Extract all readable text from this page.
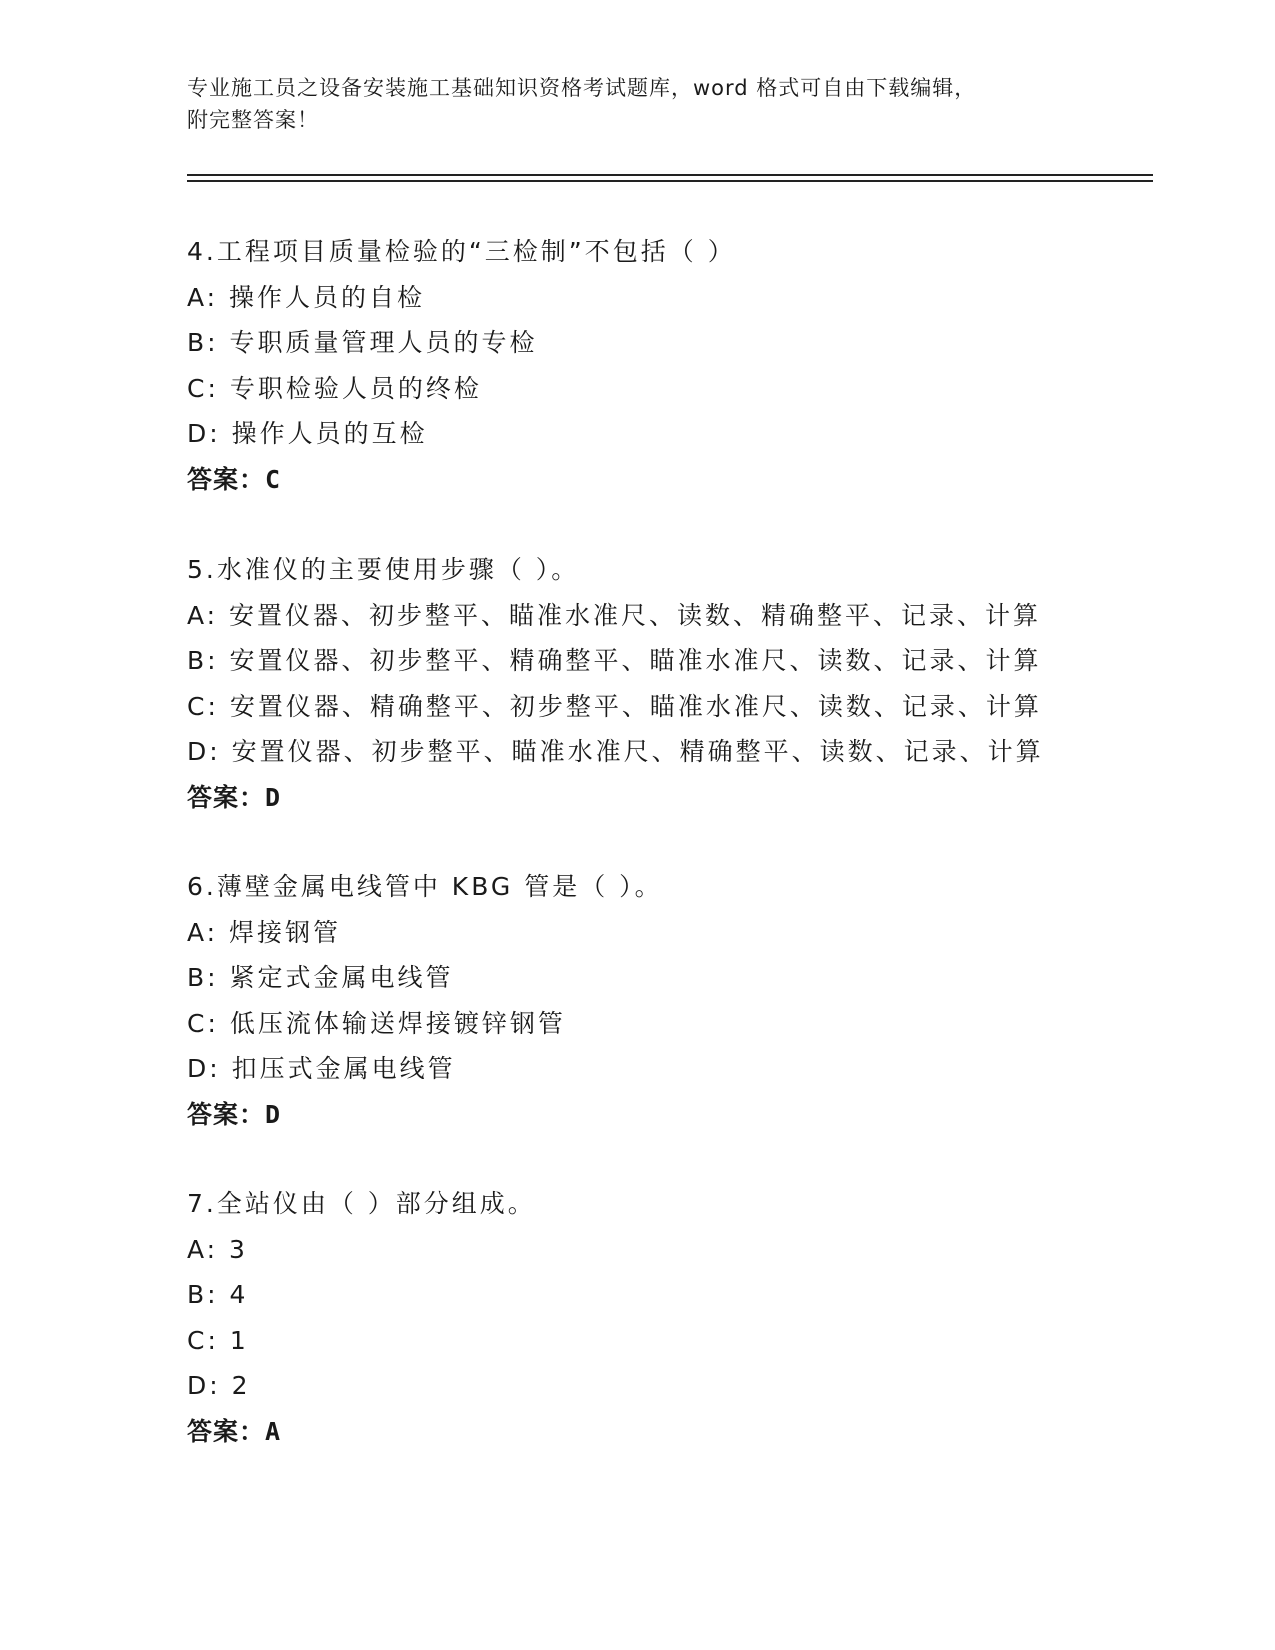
专业施工员之设备安装施工基础知识资格考试题库，word 格式可自由下载编辑，
附完整答案！
4.工程项目质量检验的“三检制”不包括（ ）
A: 操作人员的自检
B: 专职质量管理人员的专检
C: 专职检验人员的终检
D: 操作人员的互检
答案：C
5.水准仪的主要使用步骤（ ）。
A: 安置仪器、初步整平、瞄准水准尺、读数、精确整平、记录、计算
B: 安置仪器、初步整平、精确整平、瞄准水准尺、读数、记录、计算
C: 安置仪器、精确整平、初步整平、瞄准水准尺、读数、记录、计算
D: 安置仪器、初步整平、瞄准水准尺、精确整平、读数、记录、计算
答案：D
6.薄壁金属电线管中 KBG 管是（ ）。
A: 焊接钢管
B: 紧定式金属电线管
C: 低压流体输送焊接镀锌钢管
D: 扣压式金属电线管
答案：D
7.全站仪由（ ）部分组成。
A: 3
B: 4
C: 1
D: 2
答案：A
